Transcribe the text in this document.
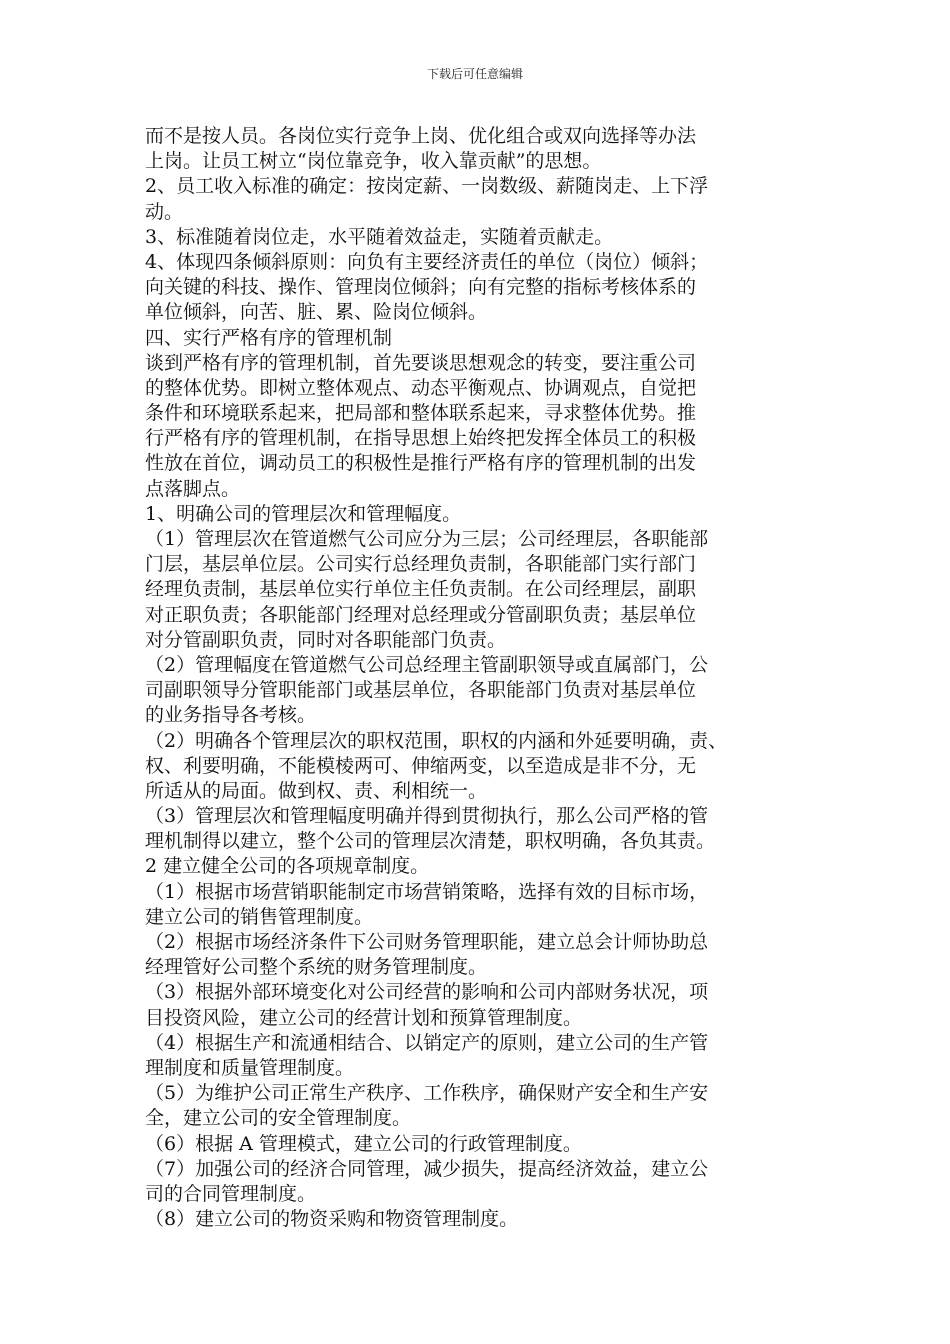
下载后可任意编辑
而不是按人员。各岗位实行竞争上岗、优化组合或双向选择等办法
上岗。让员工树立“岗位靠竞争，收入靠贡献”的思想。
2、员工收入标准的确定：按岗定薪、一岗数级、薪随岗走、上下浮
动。
3、标准随着岗位走，水平随着效益走，实随着贡献走。
4、体现四条倾斜原则：向负有主要经济责任的单位（岗位）倾斜；
向关键的科技、操作、管理岗位倾斜；向有完整的指标考核体系的
单位倾斜，向苦、脏、累、险岗位倾斜。
四、实行严格有序的管理机制
谈到严格有序的管理机制，首先要谈思想观念的转变，要注重公司
的整体优势。即树立整体观点、动态平衡观点、协调观点，自觉把
条件和环境联系起来，把局部和整体联系起来，寻求整体优势。推
行严格有序的管理机制，在指导思想上始终把发挥全体员工的积极
性放在首位，调动员工的积极性是推行严格有序的管理机制的出发
点落脚点。
1、明确公司的管理层次和管理幅度。
（1）管理层次在管道燃气公司应分为三层；公司经理层，各职能部
门层，基层单位层。公司实行总经理负责制，各职能部门实行部门
经理负责制，基层单位实行单位主任负责制。在公司经理层，副职
对正职负责；各职能部门经理对总经理或分管副职负责；基层单位
对分管副职负责，同时对各职能部门负责。
（2）管理幅度在管道燃气公司总经理主管副职领导或直属部门，公
司副职领导分管职能部门或基层单位，各职能部门负责对基层单位
的业务指导各考核。
（2）明确各个管理层次的职权范围，职权的内涵和外延要明确，责、
权、利要明确，不能模棱两可、伸缩两变，以至造成是非不分，无
所适从的局面。做到权、责、利相统一。
（3）管理层次和管理幅度明确并得到贯彻执行，那么公司严格的管
理机制得以建立，整个公司的管理层次清楚，职权明确，各负其责。
2 建立健全公司的各项规章制度。
（1）根据市场营销职能制定市场营销策略，选择有效的目标市场，
建立公司的销售管理制度。
（2）根据市场经济条件下公司财务管理职能，建立总会计师协助总
经理管好公司整个系统的财务管理制度。
（3）根据外部环境变化对公司经营的影响和公司内部财务状况，项
目投资风险，建立公司的经营计划和预算管理制度。
（4）根据生产和流通相结合、以销定产的原则，建立公司的生产管
理制度和质量管理制度。
（5）为维护公司正常生产秩序、工作秩序，确保财产安全和生产安
全，建立公司的安全管理制度。
（6）根据 A 管理模式，建立公司的行政管理制度。
（7）加强公司的经济合同管理，减少损失，提高经济效益，建立公
司的合同管理制度。
（8）建立公司的物资采购和物资管理制度。
